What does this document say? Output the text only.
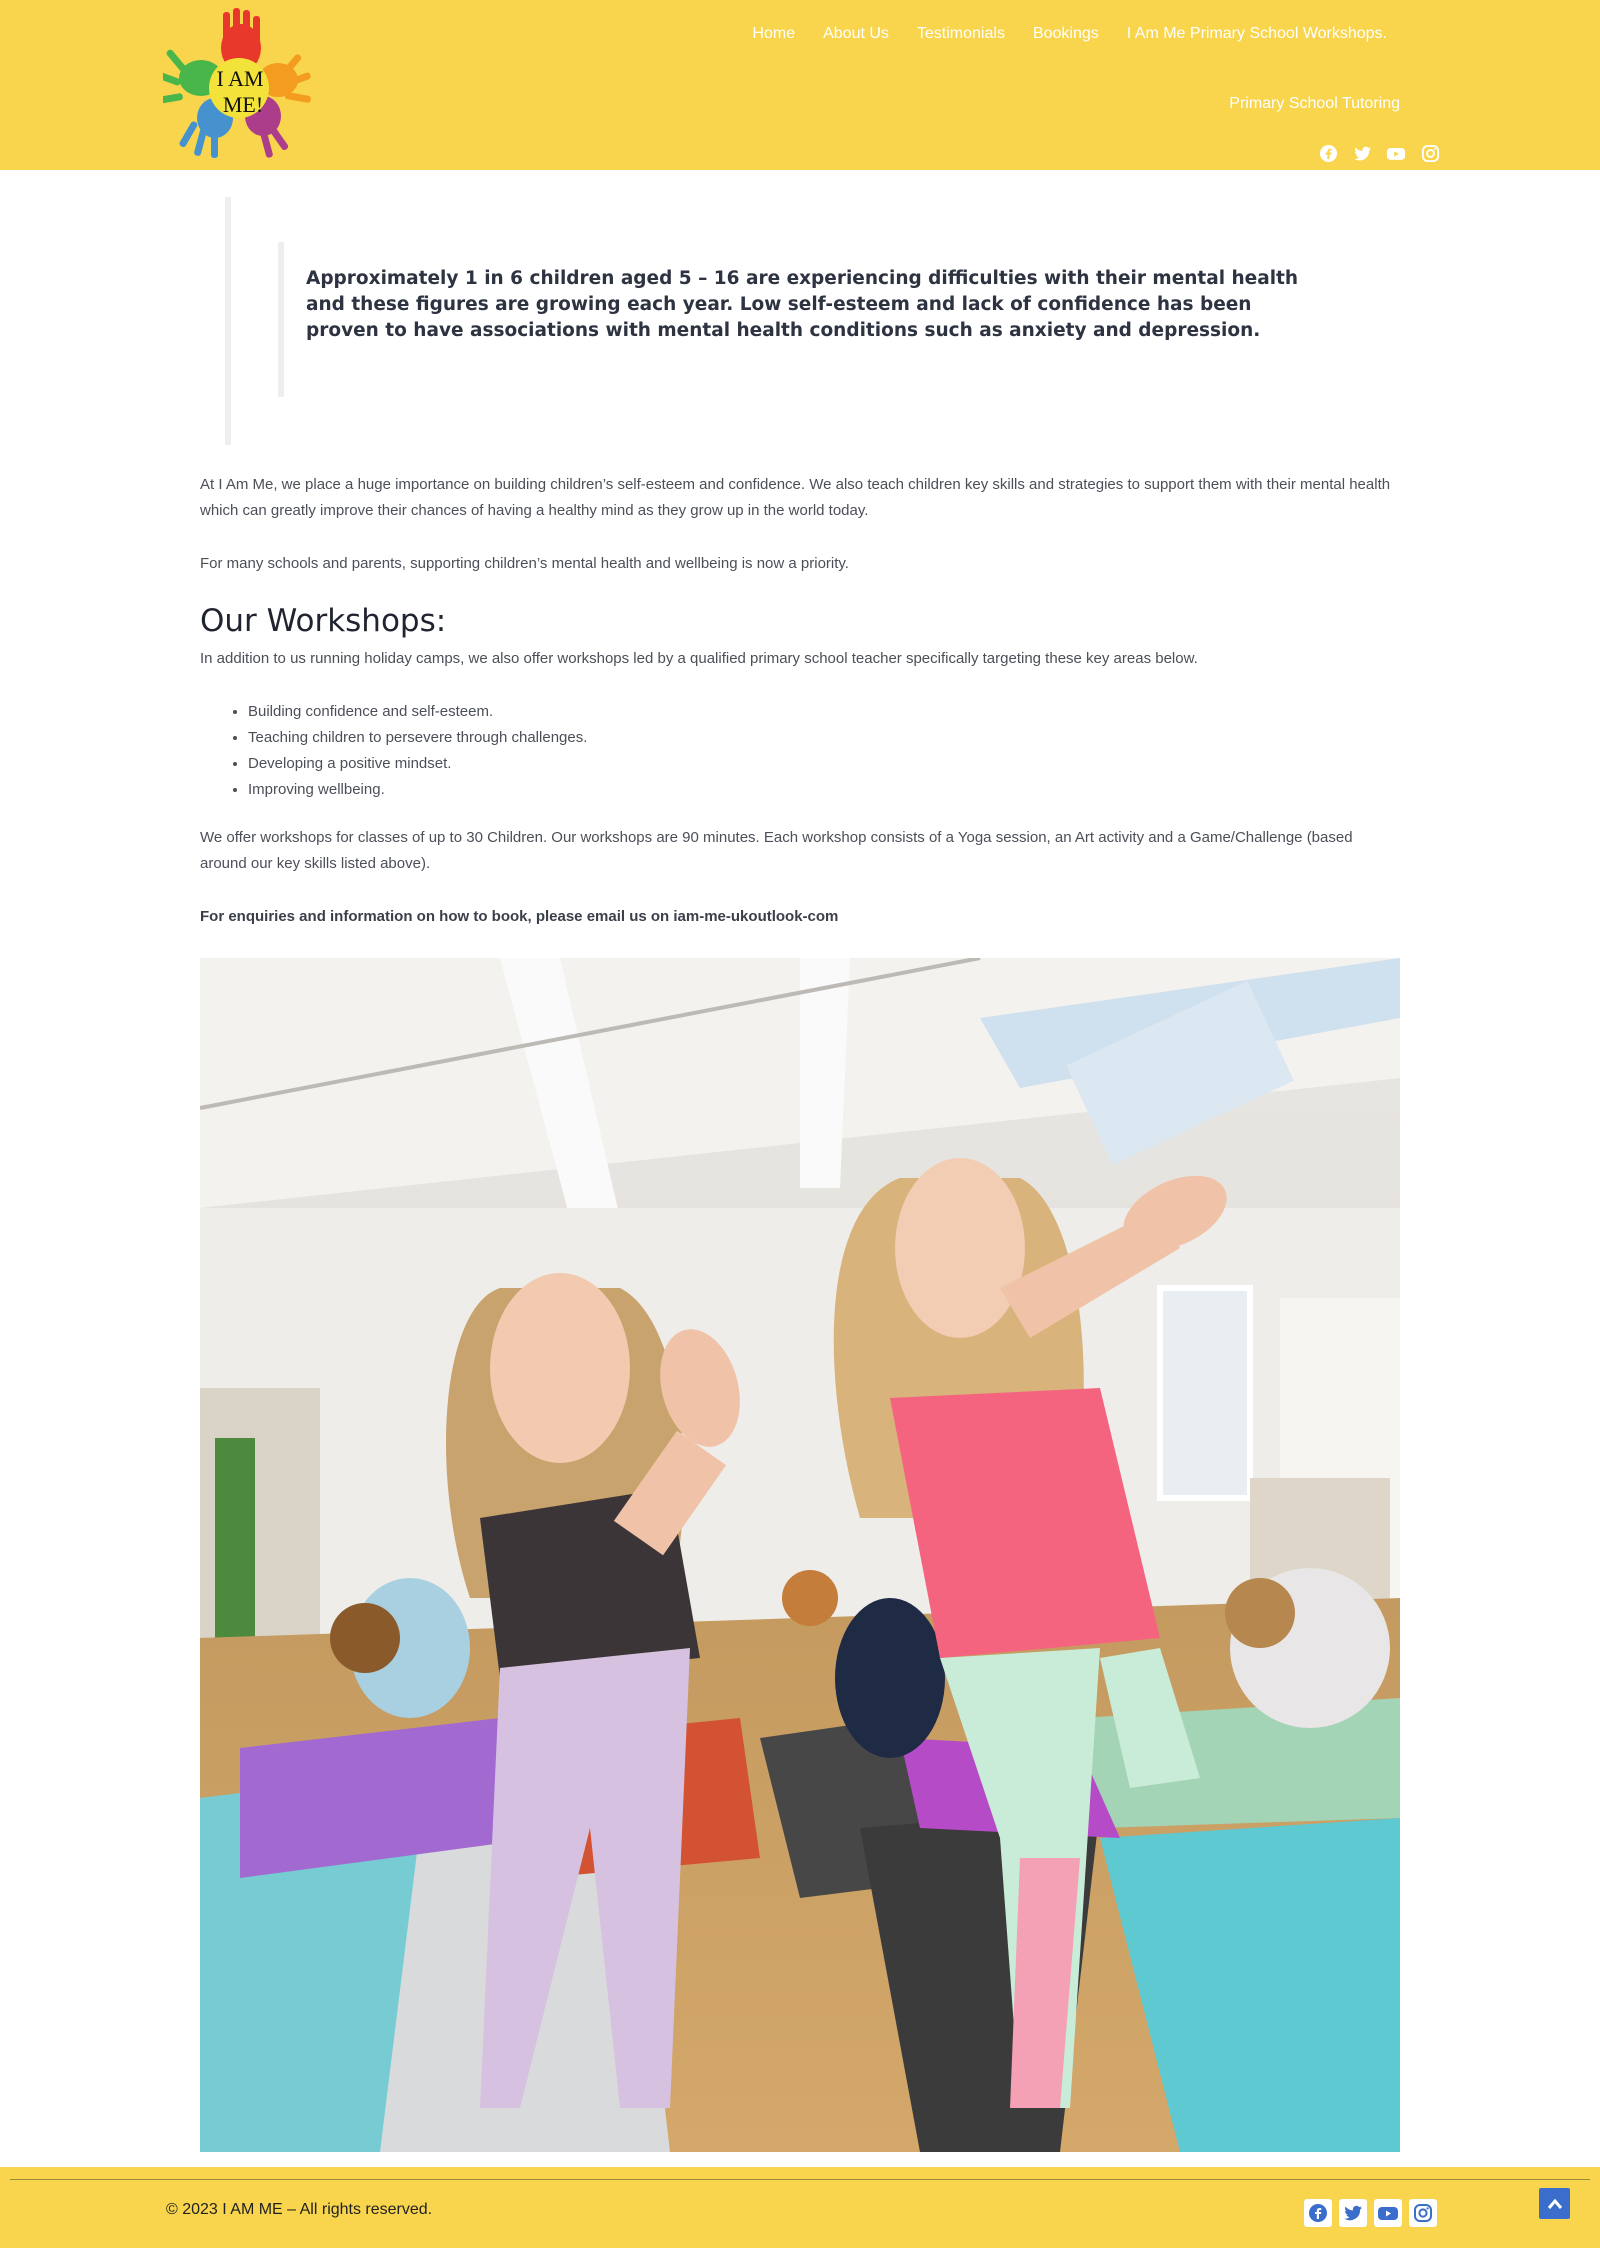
I AM
ME!
Home	About Us	Testimonials	Bookings	I Am Me Primary School Workshops.
Primary School Tutoring

Approximately 1 in 6 children aged 5 – 16 are experiencing difficulties with their mental health and these figures are growing each year. Low self-esteem and lack of confidence has been proven to have associations with mental health conditions such as anxiety and depression.

At I Am Me, we place a huge importance on building children’s self-esteem and confidence. We also teach children key skills and strategies to support them with their mental health which can greatly improve their chances of having a healthy mind as they grow up in the world today.

For many schools and parents, supporting children’s mental health and wellbeing is now a priority.

Our Workshops:

In addition to us running holiday camps, we also offer workshops led by a qualified primary school teacher specifically targeting these key areas below.

• Building confidence and self-esteem.
• Teaching children to persevere through challenges.
• Developing a positive mindset.
• Improving wellbeing.

We offer workshops for classes of up to 30 Children. Our workshops are 90 minutes. Each workshop consists of a Yoga session, an Art activity and a Game/Challenge (based around our key skills listed above).

For enquiries and information on how to book, please email us on iam-me-ukoutlook-com

© 2023 I AM ME – All rights reserved.
